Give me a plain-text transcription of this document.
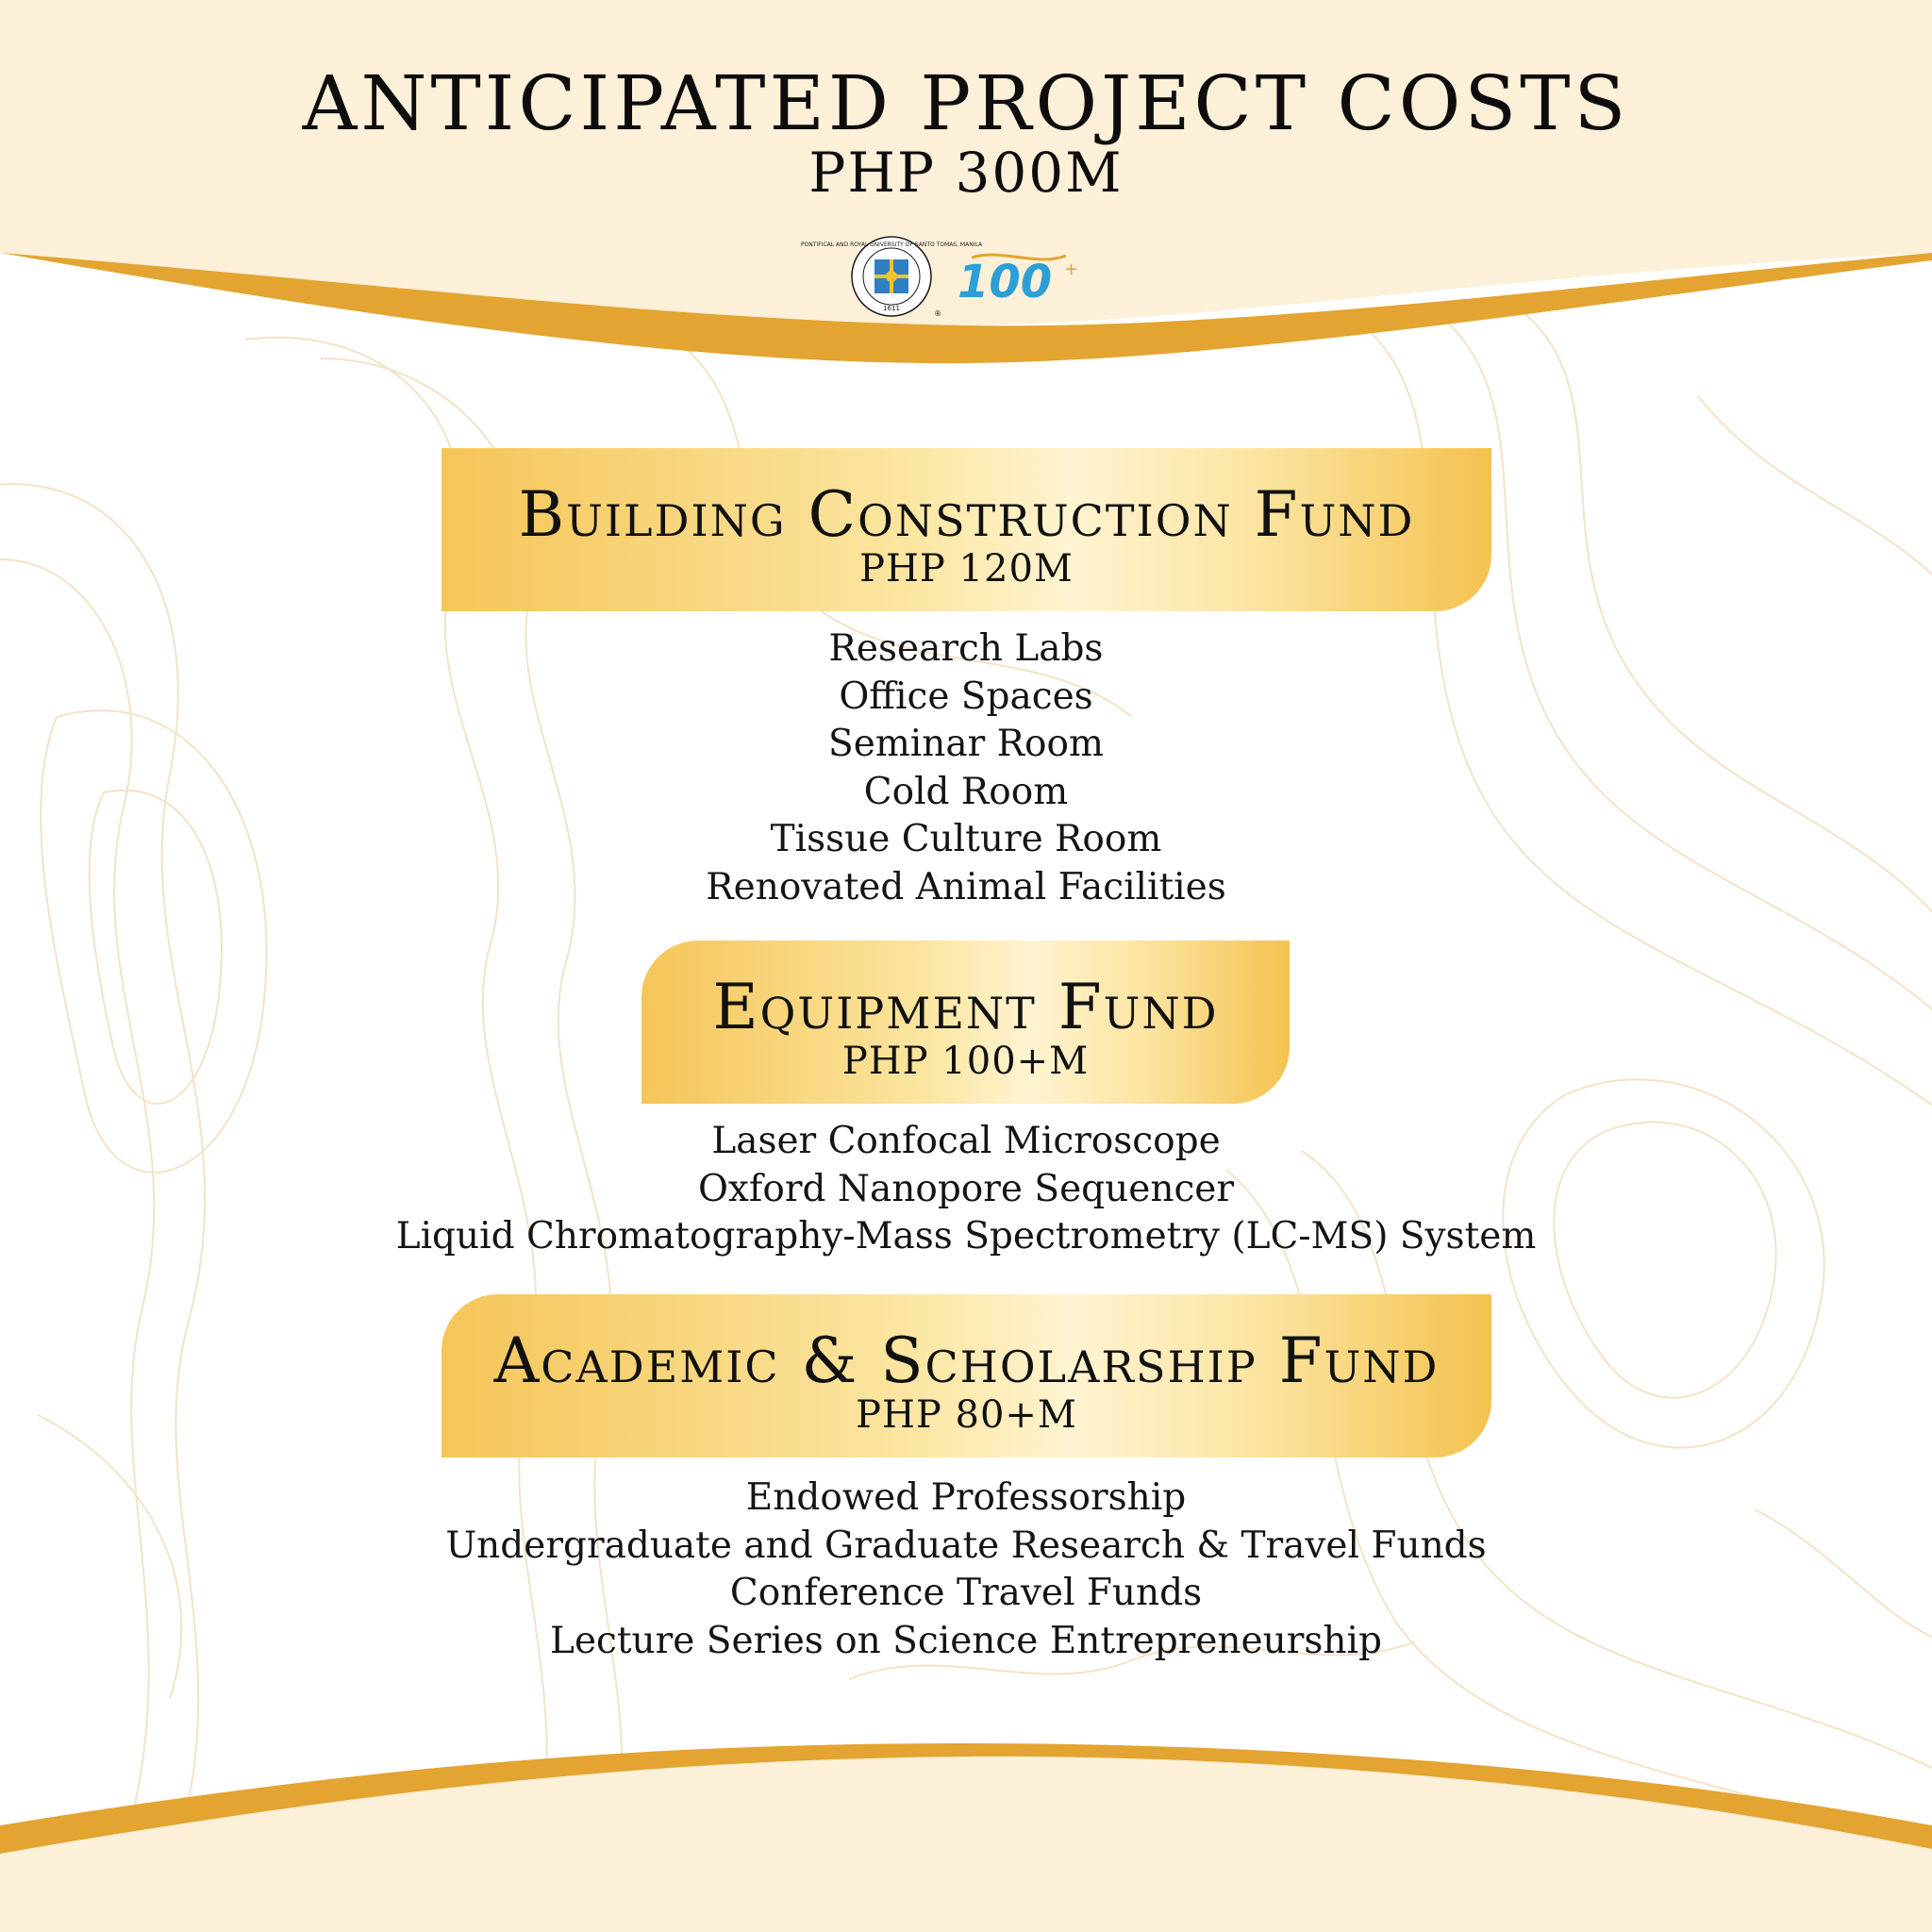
ANTICIPATED PROJECT COSTS
PHP 300M
PONTIFICAL AND ROYAL UNIVERSITY OF SANTO TOMAS, MANILA
1611
®
100 +
Building Construction Fund
PHP 120M
Research Labs
Office Spaces
Seminar Room
Cold Room
Tissue Culture Room
Renovated Animal Facilities
Equipment Fund
PHP 100+M
Laser Confocal Microscope
Oxford Nanopore Sequencer
Liquid Chromatography-Mass Spectrometry (LC-MS) System
Academic & Scholarship Fund
PHP 80+M
Endowed Professorship
Undergraduate and Graduate Research & Travel Funds
Conference Travel Funds
Lecture Series on Science Entrepreneurship
